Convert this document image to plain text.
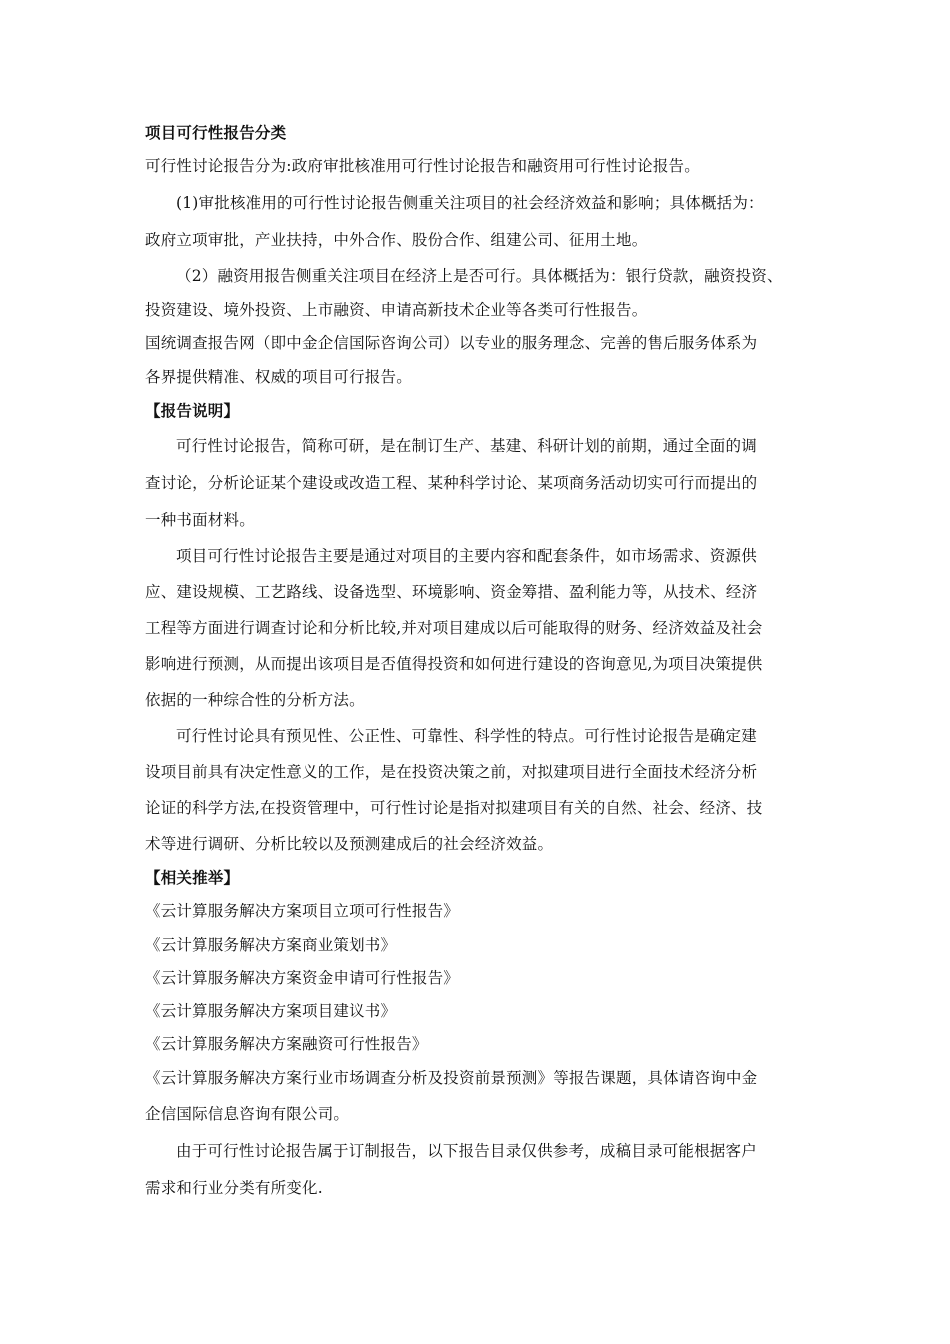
项目可行性报告分类
可行性讨论报告分为:政府审批核准用可行性讨论报告和融资用可行性讨论报告。
(1)审批核准用的可行性讨论报告侧重关注项目的社会经济效益和影响；具体概括为：
政府立项审批，产业扶持，中外合作、股份合作、组建公司、征用土地。
（2）融资用报告侧重关注项目在经济上是否可行。具体概括为：银行贷款，融资投资、
投资建设、境外投资、上市融资、申请高新技术企业等各类可行性报告。
国统调查报告网（即中金企信国际咨询公司）以专业的服务理念、完善的售后服务体系为
各界提供精准、权威的项目可行报告。
【报告说明】
可行性讨论报告，简称可研，是在制订生产、基建、科研计划的前期，通过全面的调
查讨论，分析论证某个建设或改造工程、某种科学讨论、某项商务活动切实可行而提出的
一种书面材料。
项目可行性讨论报告主要是通过对项目的主要内容和配套条件，如市场需求、资源供
应、建设规模、工艺路线、设备选型、环境影响、资金筹措、盈利能力等，从技术、经济
工程等方面进行调查讨论和分析比较,并对项目建成以后可能取得的财务、经济效益及社会
影响进行预测，从而提出该项目是否值得投资和如何进行建设的咨询意见,为项目决策提供
依据的一种综合性的分析方法。
可行性讨论具有预见性、公正性、可靠性、科学性的特点。可行性讨论报告是确定建
设项目前具有决定性意义的工作，是在投资决策之前，对拟建项目进行全面技术经济分析
论证的科学方法,在投资管理中，可行性讨论是指对拟建项目有关的自然、社会、经济、技
术等进行调研、分析比较以及预测建成后的社会经济效益。
【相关推举】
《云计算服务解决方案项目立项可行性报告》
《云计算服务解决方案商业策划书》
《云计算服务解决方案资金申请可行性报告》
《云计算服务解决方案项目建议书》
《云计算服务解决方案融资可行性报告》
《云计算服务解决方案行业市场调查分析及投资前景预测》等报告课题，具体请咨询中金
企信国际信息咨询有限公司。
由于可行性讨论报告属于订制报告，以下报告目录仅供参考，成稿目录可能根据客户
需求和行业分类有所变化.
